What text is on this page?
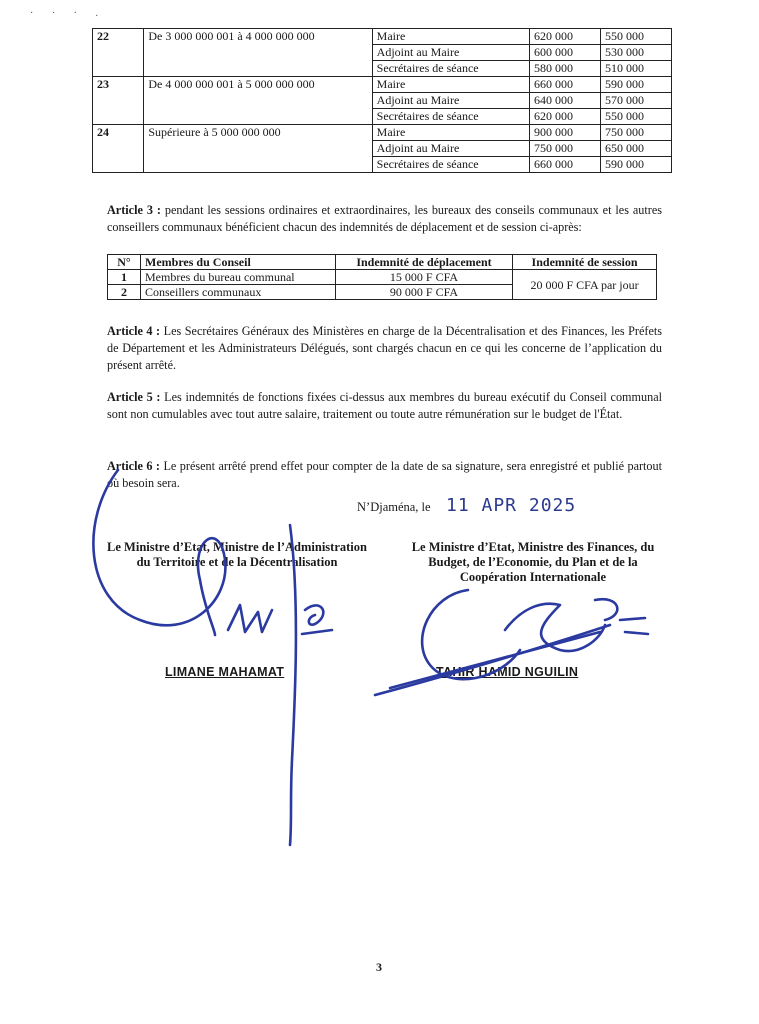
· · · .
22	De 3 000 000 001 à 4 000 000 000	Maire	620 000	550 000
		Adjoint au Maire	600 000	530 000
		Secrétaires de séance	580 000	510 000
23	De 4 000 000 001 à 5 000 000 000	Maire	660 000	590 000
		Adjoint au Maire	640 000	570 000
		Secrétaires de séance	620 000	550 000
24	Supérieure à 5 000 000 000	Maire	900 000	750 000
		Adjoint au Maire	750 000	650 000
		Secrétaires de séance	660 000	590 000
Article 3 : pendant les sessions ordinaires et extraordinaires, les bureaux des conseils communaux et les autres conseillers communaux bénéficient chacun des indemnités de déplacement et de session ci-après:
N°	Membres du Conseil	Indemnité de déplacement	Indemnité de session
1	Membres du bureau communal	15 000 F CFA	20 000 F CFA par jour
2	Conseillers communaux	90 000 F CFA	
Article 4 : Les Secrétaires Généraux des Ministères en charge de la Décentralisation et des Finances, les Préfets de Département et les Administrateurs Délégués, sont chargés chacun en ce qui les concerne de l’application du présent arrêté.
Article 5 : Les indemnités de fonctions fixées ci-dessus aux membres du bureau exécutif du Conseil communal sont non cumulables avec tout autre salaire, traitement ou toute autre rémunération sur le budget de l'État.
Article 6 : Le présent arrêté prend effet pour compter de la date de sa signature, sera enregistré et publié partout où besoin sera.
N’Djaména, le 11 APR 2025
Le Ministre d’Etat, Ministre de l’Administration
du Territoire et de la Décentralisation
Le Ministre d’Etat, Ministre des Finances, du
Budget, de l’Economie, du Plan et de la
Coopération Internationale
LIMANE MAHAMAT	TAHIR HAMID NGUILIN
3
